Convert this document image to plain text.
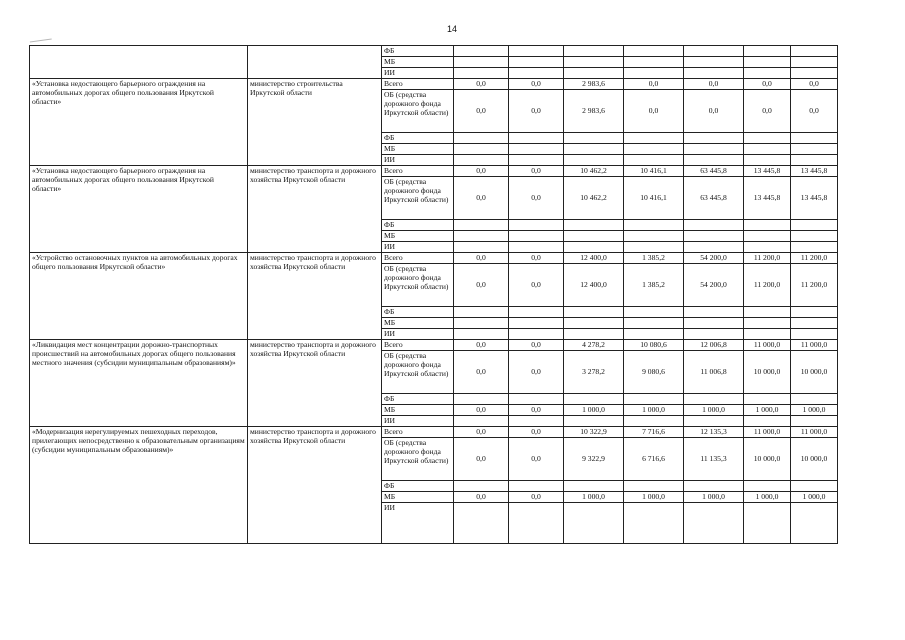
14
		ФБ							
		МБ							
		ИИ							
«Установка недостающего барьерного ограждения на автомобильных дорогах общего пользования Иркутской области»	министерство строительства Иркутской области	Всего	0,0	0,0	2 983,6	0,0	0,0	0,0	0,0
		ОБ (средства дорожного фонда Иркутской области)	0,0	0,0	2 983,6	0,0	0,0	0,0	0,0
		ФБ							
		МБ							
		ИИ							
«Установка недостающего барьерного ограждения на автомобильных дорогах общего пользования Иркутской области»	министерство транспорта и дорожного хозяйства Иркутской области	Всего	0,0	0,0	10 462,2	10 416,1	63 445,8	13 445,8	13 445,8
		ОБ (средства дорожного фонда Иркутской области)	0,0	0,0	10 462,2	10 416,1	63 445,8	13 445,8	13 445,8
		ФБ							
		МБ							
		ИИ							
«Устройство остановочных пунктов на автомобильных дорогах общего пользования Иркутской области»	министерство транспорта и дорожного хозяйства Иркутской области	Всего	0,0	0,0	12 400,0	1 385,2	54 200,0	11 200,0	11 200,0
		ОБ (средства дорожного фонда Иркутской области)	0,0	0,0	12 400,0	1 385,2	54 200,0	11 200,0	11 200,0
		ФБ							
		МБ							
		ИИ							
«Ликвидация мест концентрации дорожно-транспортных происшествий на автомобильных дорогах общего пользования местного значения (субсидии муниципальным образованиям)»	министерство транспорта и дорожного хозяйства Иркутской области	Всего	0,0	0,0	4 278,2	10 080,6	12 006,8	11 000,0	11 000,0
		ОБ (средства дорожного фонда Иркутской области)	0,0	0,0	3 278,2	9 080,6	11 006,8	10 000,0	10 000,0
		ФБ							
		МБ	0,0	0,0	1 000,0	1 000,0	1 000,0	1 000,0	1 000,0
		ИИ							
«Модернизация нерегулируемых пешеходных переходов, прилегающих непосредственно к образовательным организациям (субсидии муниципальным образованиям)»	министерство транспорта и дорожного хозяйства Иркутской области	Всего	0,0	0,0	10 322,9	7 716,6	12 135,3	11 000,0	11 000,0
		ОБ (средства дорожного фонда Иркутской области)	0,0	0,0	9 322,9	6 716,6	11 135,3	10 000,0	10 000,0
		ФБ							
		МБ	0,0	0,0	1 000,0	1 000,0	1 000,0	1 000,0	1 000,0
		ИИ							
